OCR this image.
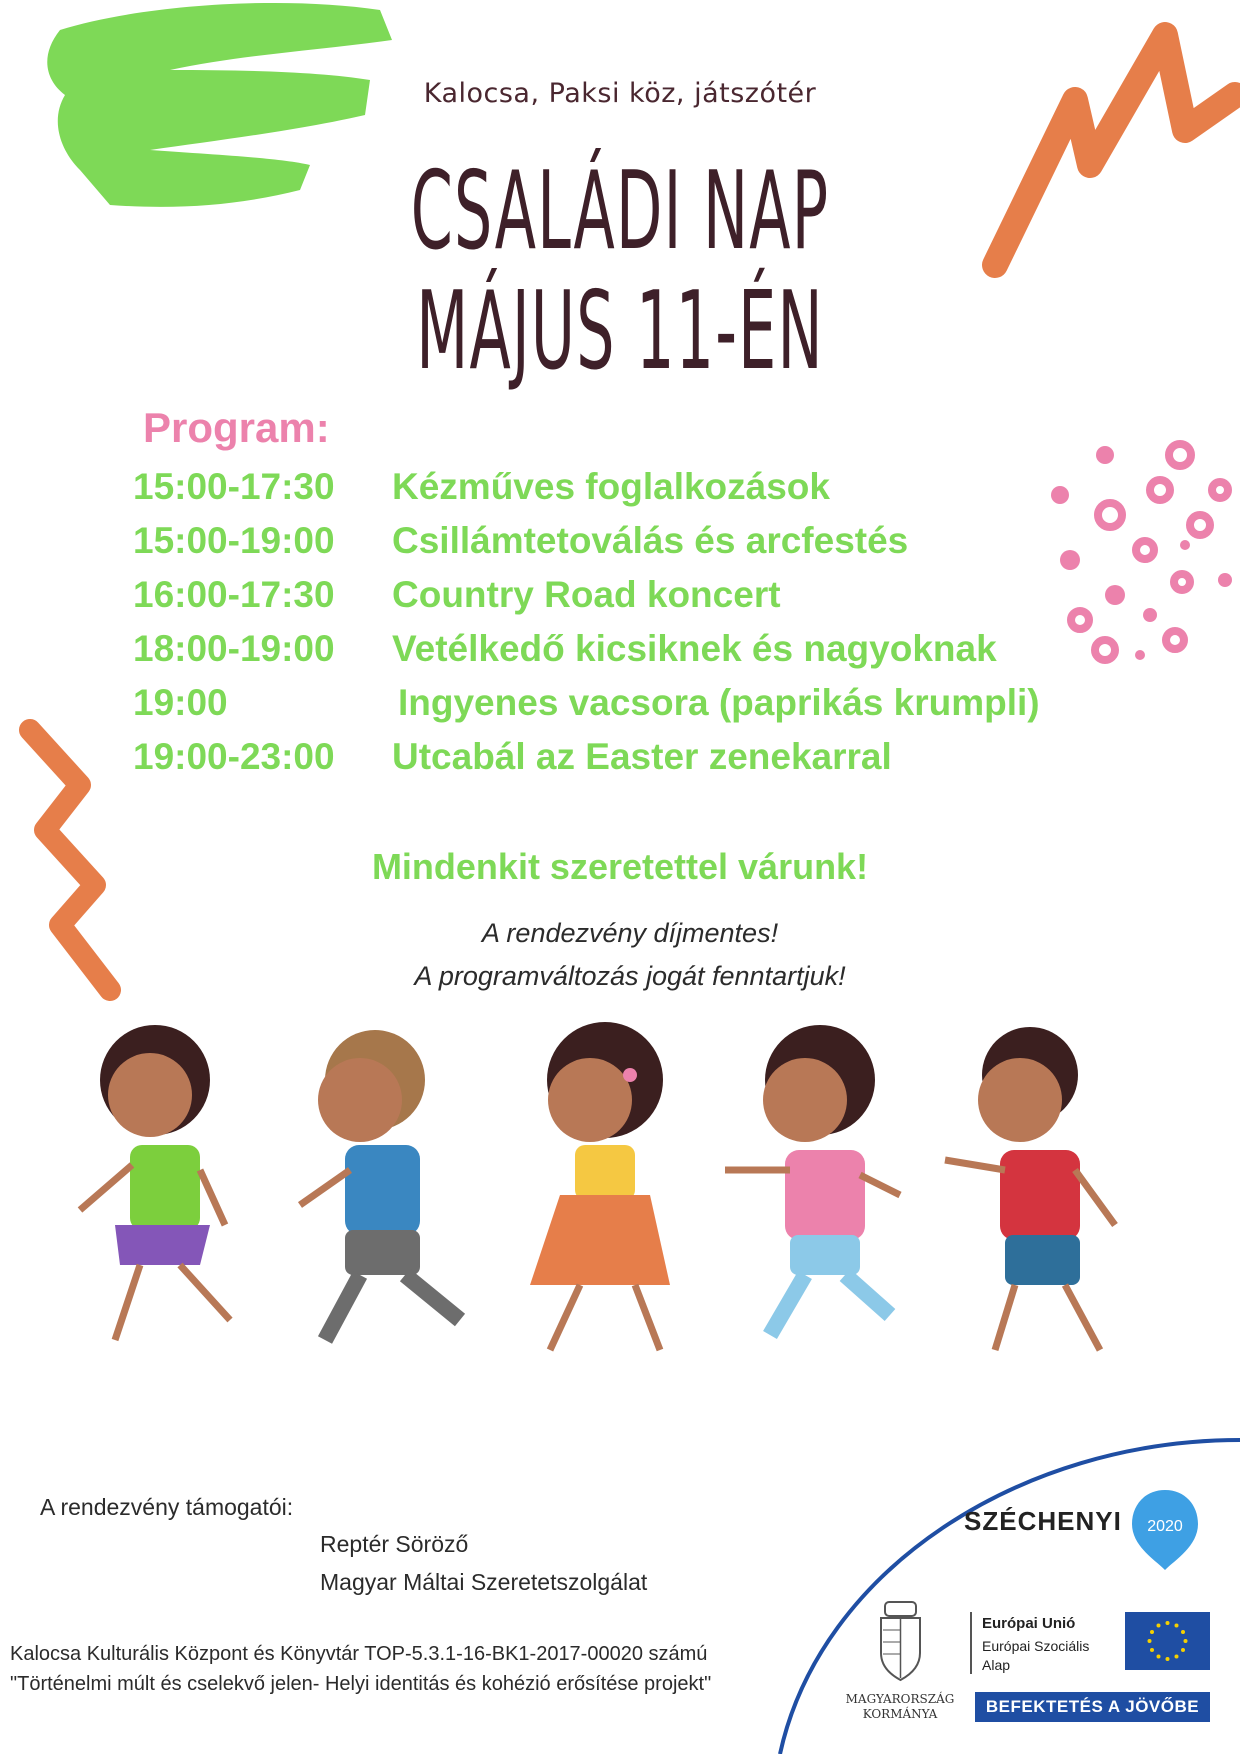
Kalocsa, Paksi köz, játszótér
CSALÁDI NAP
MÁJUS 11-ÉN
Program:
15:00-17:30 Kézműves foglalkozások
15:00-19:00 Csillámtetoválás és arcfestés
16:00-17:30 Country Road koncert
18:00-19:00 Vetélkedő kicsiknek és nagyoknak
19:00	Ingyenes vacsora (paprikás krumpli)
19:00-23:00 Utcabál az Easter zenekarral
Mindenkit szeretettel várunk!
A rendezvény díjmentes!
A programváltozás jogát fenntartjuk!
A rendezvény támogatói:
Reptér Söröző
Magyar Máltai Szeretetszolgálat
Kalocsa Kulturális Központ és Könyvtár TOP-5.3.1-16-BK1-2017-00020 számú
"Történelmi múlt és cselekvő jelen- Helyi identitás és kohézió erősítése projekt"
SZÉCHENYI 2020
MAGYARORSZÁG
KORMÁNYA
Európai Unió
Európai Szociális Alap
BEFEKTETÉS A JÖVŐBE
